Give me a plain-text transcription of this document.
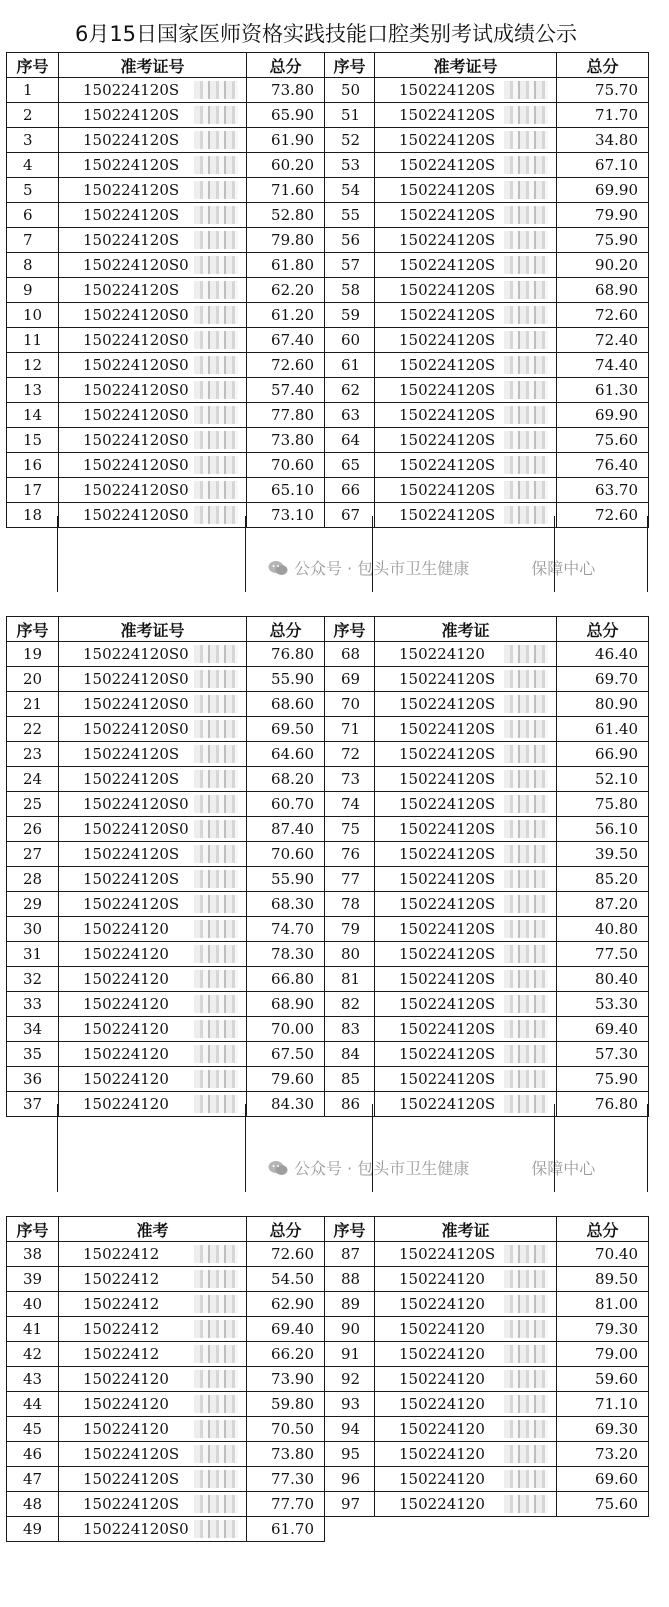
6月15日国家医师资格实践技能口腔类别考试成绩公示
序号	准考证号	总分	序号	准考证号	总分
1	150224120S	73.80	50	150224120S	75.70
2	150224120S	65.90	51	150224120S	71.70
3	150224120S	61.90	52	150224120S	34.80
4	150224120S	60.20	53	150224120S	67.10
5	150224120S	71.60	54	150224120S	69.90
6	150224120S	52.80	55	150224120S	79.90
7	150224120S	79.80	56	150224120S	75.90
8	150224120S0	61.80	57	150224120S	90.20
9	150224120S	62.20	58	150224120S	68.90
10	150224120S0	61.20	59	150224120S	72.60
11	150224120S0	67.40	60	150224120S	72.40
12	150224120S0	72.60	61	150224120S	74.40
13	150224120S0	57.40	62	150224120S	61.30
14	150224120S0	77.80	63	150224120S	69.90
15	150224120S0	73.80	64	150224120S	75.60
16	150224120S0	70.60	65	150224120S	76.40
17	150224120S0	65.10	66	150224120S	63.70
18	150224120S0	73.10	67	150224120S	72.60
公众号 · 包头市卫生健康	保障中心
序号	准考证号	总分	序号	准考证	总分
19	150224120S0	76.80	68	150224120	46.40
20	150224120S0	55.90	69	150224120S	69.70
21	150224120S0	68.60	70	150224120S	80.90
22	150224120S0	69.50	71	150224120S	61.40
23	150224120S	64.60	72	150224120S	66.90
24	150224120S	68.20	73	150224120S	52.10
25	150224120S0	60.70	74	150224120S	75.80
26	150224120S0	87.40	75	150224120S	56.10
27	150224120S	70.60	76	150224120S	39.50
28	150224120S	55.90	77	150224120S	85.20
29	150224120S	68.30	78	150224120S	87.20
30	150224120	74.70	79	150224120S	40.80
31	150224120	78.30	80	150224120S	77.50
32	150224120	66.80	81	150224120S	80.40
33	150224120	68.90	82	150224120S	53.30
34	150224120	70.00	83	150224120S	69.40
35	150224120	67.50	84	150224120S	57.30
36	150224120	79.60	85	150224120S	75.90
37	150224120	84.30	86	150224120S	76.80
公众号 · 包头市卫生健康	保障中心
序号	准考	总分	序号	准考证	总分
38	15022412	72.60	87	150224120S	70.40
39	15022412	54.50	88	150224120	89.50
40	15022412	62.90	89	150224120	81.00
41	15022412	69.40	90	150224120	79.30
42	15022412	66.20	91	150224120	79.00
43	150224120	73.90	92	150224120	59.60
44	150224120	59.80	93	150224120	71.10
45	150224120	70.50	94	150224120	69.30
46	150224120S	73.80	95	150224120	73.20
47	150224120S	77.30	96	150224120	69.60
48	150224120S	77.70	97	150224120	75.60
49	150224120S0	61.70			
